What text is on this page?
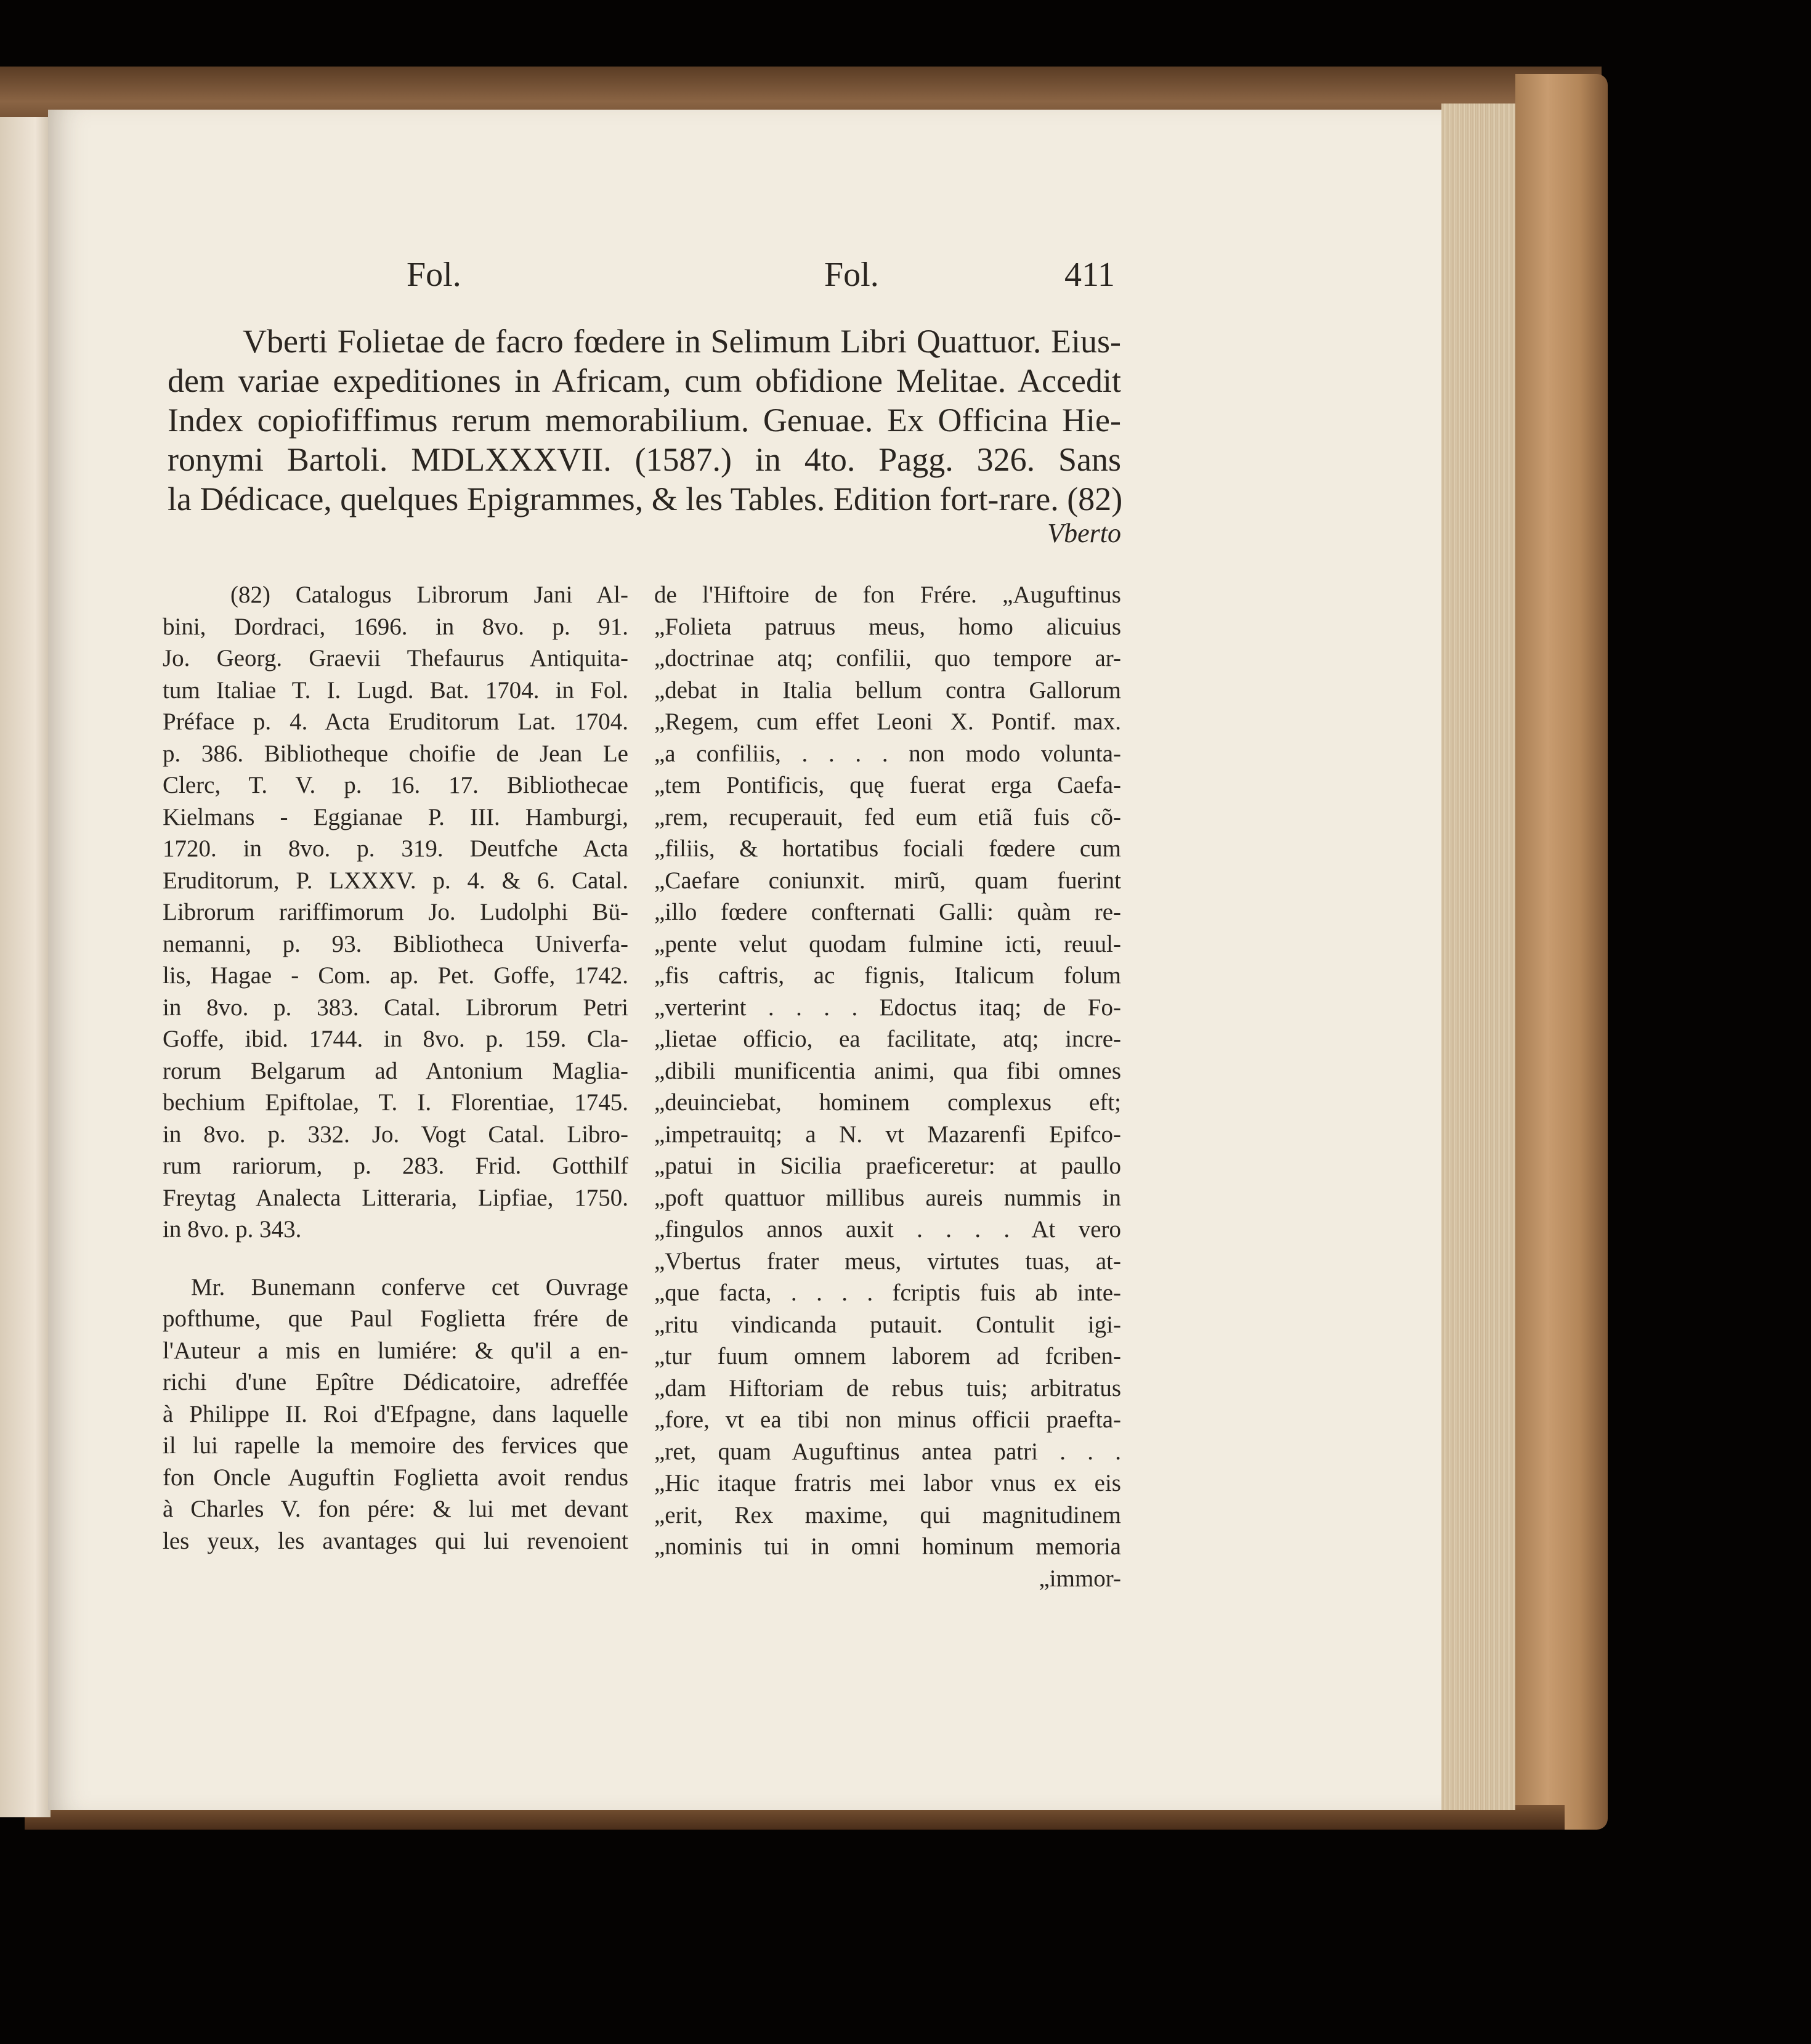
Fol.	Fol.	411
Vberti Folietae de facro fœdere in Selimum Libri Quattuor. Eius-
dem variae expeditiones in Africam, cum obfidione Melitae. Accedit
Index copiofiffimus rerum memorabilium. Genuae. Ex Officina Hie-
ronymi Bartoli. MDLXXXVII. (1587.) in 4to. Pagg. 326. Sans
la Dédicace, quelques Epigrammes, & les Tables. Edition fort-rare. (82)
Vberto
(82) Catalogus Librorum Jani Al-
bini, Dordraci, 1696. in 8vo. p. 91.
Jo. Georg. Graevii Thefaurus Antiquita-
tum Italiae T. I. Lugd. Bat. 1704. in Fol.
Préface p. 4. Acta Eruditorum Lat. 1704.
p. 386. Bibliotheque choifie de Jean Le
Clerc, T. V. p. 16. 17. Bibliothecae
Kielmans - Eggianae P. III. Hamburgi,
1720. in 8vo. p. 319. Deutfche Acta
Eruditorum, P. LXXXV. p. 4. & 6. Catal.
Librorum rariffimorum Jo. Ludolphi Bü-
nemanni, p. 93. Bibliotheca Univerfa-
lis, Hagae - Com. ap. Pet. Goffe, 1742.
in 8vo. p. 383. Catal. Librorum Petri
Goffe, ibid. 1744. in 8vo. p. 159. Cla-
rorum Belgarum ad Antonium Maglia-
bechium Epiftolae, T. I. Florentiae, 1745.
in 8vo. p. 332. Jo. Vogt Catal. Libro-
rum rariorum, p. 283. Frid. Gotthilf
Freytag Analecta Litteraria, Lipfiae, 1750.
in 8vo. p. 343.
Mr. Bunemann conferve cet Ouvrage
pofthume, que Paul Foglietta frére de
l'Auteur a mis en lumiére: & qu'il a en-
richi d'une Epître Dédicatoire, adreffée
à Philippe II. Roi d'Efpagne, dans laquelle
il lui rapelle la memoire des fervices que
fon Oncle Auguftin Foglietta avoit rendus
à Charles V. fon pére: & lui met devant
les yeux, les avantages qui lui revenoient
de l'Hiftoire de fon Frére. „Auguftinus
„Folieta patruus meus, homo alicuius
„doctrinae atq; confilii, quo tempore ar-
„debat in Italia bellum contra Gallorum
„Regem, cum effet Leoni X. Pontif. max.
„a confiliis, . . . . non modo volunta-
„tem Pontificis, quę fuerat erga Caefa-
„rem, recuperauit, fed eum etiã fuis cõ-
„filiis, & hortatibus fociali fœdere cum
„Caefare coniunxit. mirũ, quam fuerint
„illo fœdere confternati Galli: quàm re-
„pente velut quodam fulmine icti, reuul-
„fis caftris, ac fignis, Italicum folum
„verterint . . . . Edoctus itaq; de Fo-
„lietae officio, ea facilitate, atq; incre-
„dibili munificentia animi, qua fibi omnes
„deuinciebat, hominem complexus eft;
„impetrauitq; a N. vt Mazarenfi Epifco-
„patui in Sicilia praeficeretur: at paullo
„poft quattuor millibus aureis nummis in
„fingulos annos auxit . . . . At vero
„Vbertus frater meus, virtutes tuas, at-
„que facta, . . . . fcriptis fuis ab inte-
„ritu vindicanda putauit. Contulit igi-
„tur fuum omnem laborem ad fcriben-
„dam Hiftoriam de rebus tuis; arbitratus
„fore, vt ea tibi non minus officii praefta-
„ret, quam Auguftinus antea patri . . .
„Hic itaque fratris mei labor vnus ex eis
„erit, Rex maxime, qui magnitudinem
„nominis tui in omni hominum memoria
„immor-
